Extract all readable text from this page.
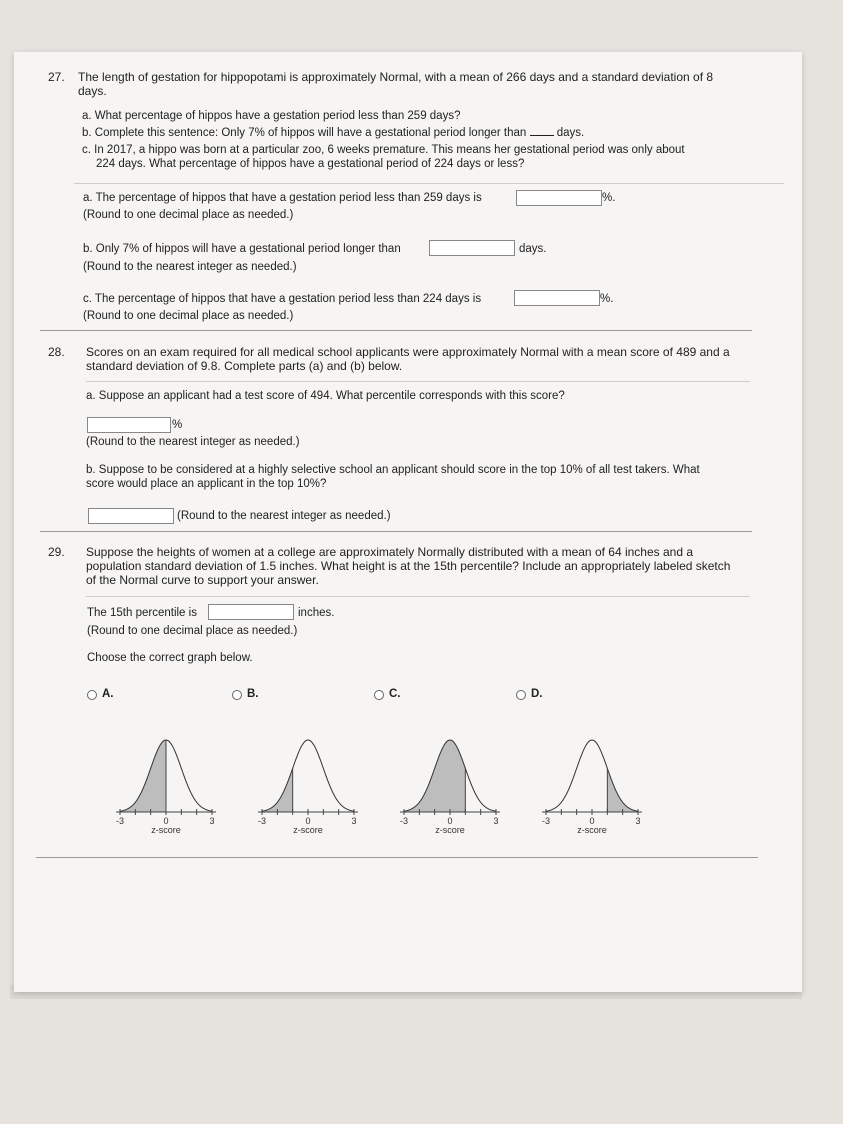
27. The length of gestation for hippopotami is approximately Normal, with a mean of 266 days and a standard deviation of 8
days.
a. What percentage of hippos have a gestation period less than 259 days?
b. Complete this sentence: Only 7% of hippos will have a gestational period longer than	days.
c. In 2017, a hippo was born at a particular zoo, 6 weeks premature. This means her gestational period was only about
224 days. What percentage of hippos have a gestational period of 224 days or less?
a. The percentage of hippos that have a gestation period less than 259 days is	%.
(Round to one decimal place as needed.)
b. Only 7% of hippos will have a gestational period longer than	days.
(Round to the nearest integer as needed.)
c. The percentage of hippos that have a gestation period less than 224 days is	%.
(Round to one decimal place as needed.)
28. Scores on an exam required for all medical school applicants were approximately Normal with a mean score of 489 and a
standard deviation of 9.8. Complete parts (a) and (b) below.
a. Suppose an applicant had a test score of 494. What percentile corresponds with this score?
%
(Round to the nearest integer as needed.)
b. Suppose to be considered at a highly selective school an applicant should score in the top 10% of all test takers. What
score would place an applicant in the top 10%?
(Round to the nearest integer as needed.)
29. Suppose the heights of women at a college are approximately Normally distributed with a mean of 64 inches and a
population standard deviation of 1.5 inches. What height is at the 15th percentile? Include an appropriately labeled sketch
of the Normal curve to support your answer.
The 15th percentile is	inches.
(Round to one decimal place as needed.)
Choose the correct graph below.
A.	B.	C.	D.
-3	0	3
z-score
-3	0	3
z-score
-3	0	3
z-score
-3	0	3
z-score
